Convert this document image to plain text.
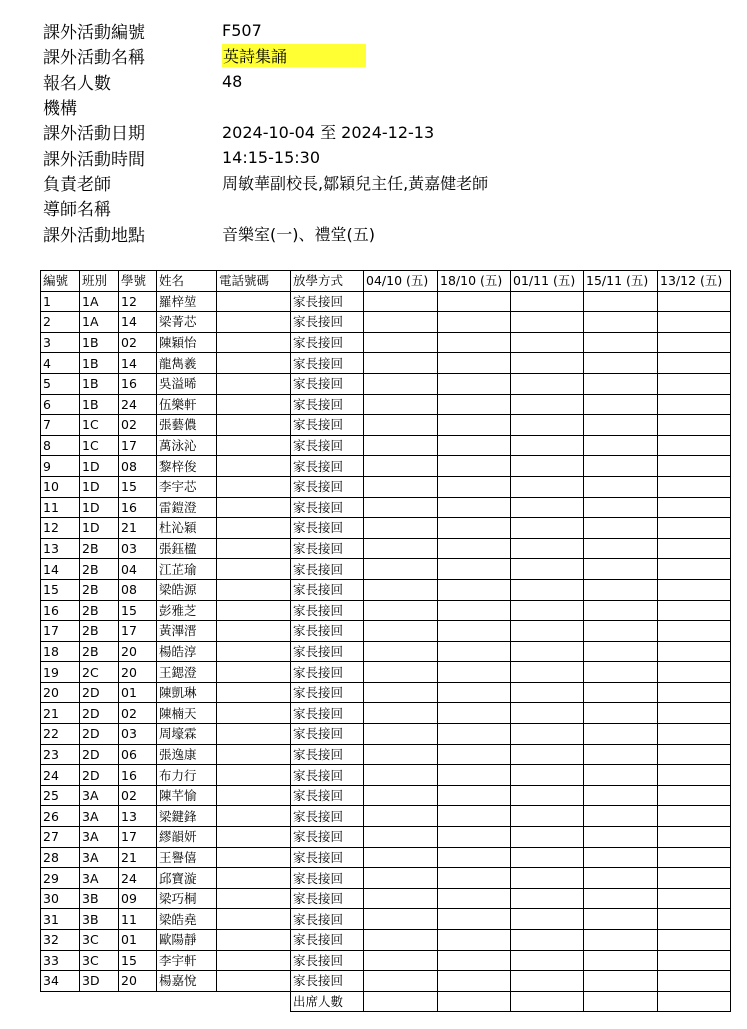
課外活動編號	F507
課外活動名稱	英詩集誦
報名人數	48
機構
課外活動日期	2024-10-04 至 2024-12-13
課外活動時間	14:15-15:30
負責老師	周敏華副校長,鄒穎兒主任,黃嘉健老師
導師名稱
課外活動地點	音樂室(一)、禮堂(五)
編號	班別	學號	姓名	電話號碼	放學方式	04/10 (五)	18/10 (五)	01/11 (五)	15/11 (五)	13/12 (五)
1	1A	12	羅梓堃		家長接回					
2	1A	14	梁菁芯		家長接回					
3	1B	02	陳穎怡		家長接回					
4	1B	14	龍雋羲		家長接回					
5	1B	16	吳溢晞		家長接回					
6	1B	24	伍樂軒		家長接回					
7	1C	02	張藝儂		家長接回					
8	1C	17	萬泳沁		家長接回					
9	1D	08	黎梓俊		家長接回					
10	1D	15	李宇芯		家長接回					
11	1D	16	雷鎧澄		家長接回					
12	1D	21	杜沁穎		家長接回					
13	2B	03	張鈺楹		家長接回					
14	2B	04	江芷瑜		家長接回					
15	2B	08	梁皓源		家長接回					
16	2B	15	彭雅芝		家長接回					
17	2B	17	黃滭溍		家長接回					
18	2B	20	楊皓淳		家長接回					
19	2C	20	王鍶澄		家長接回					
20	2D	01	陳凱琳		家長接回					
21	2D	02	陳楠天		家長接回					
22	2D	03	周壕霖		家長接回					
23	2D	06	張逸康		家長接回					
24	2D	16	布力行		家長接回					
25	3A	02	陳芊愉		家長接回					
26	3A	13	梁鍵鋒		家長接回					
27	3A	17	繆韻妍		家長接回					
28	3A	21	王譽僖		家長接回					
29	3A	24	邱寶漩		家長接回					
30	3B	09	梁巧桐		家長接回					
31	3B	11	梁皓堯		家長接回					
32	3C	01	歐陽靜		家長接回					
33	3C	15	李宇軒		家長接回					
34	3D	20	楊嘉悅		家長接回					
					出席人數					
